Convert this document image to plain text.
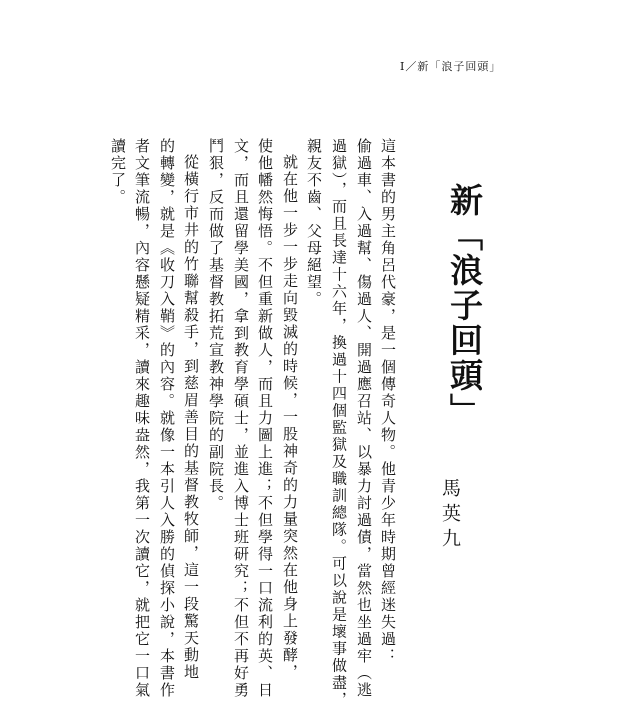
I／新「浪子回頭」
新「浪子回頭」
馬英九
這本書的男主角呂代豪，是一個傳奇人物。他青少年時期曾經迷失過：
偷過車、入過幫、傷過人、開過應召站、以暴力討過債，當然也坐過牢（逃
過獄），而且長達十六年，換過十四個監獄及職訓總隊。可以說是壞事做盡，
親友不齒、父母絕望。
就在他一步一步走向毀滅的時候，一股神奇的力量突然在他身上發酵，
使他幡然悔悟。不但重新做人，而且力圖上進；不但學得一口流利的英、日
文，而且還留學美國，拿到教育學碩士，並進入博士班研究；不但不再好勇
鬥狠，反而做了基督教拓荒宣教神學院的副院長。
從橫行市井的竹聯幫殺手，到慈眉善目的基督教牧師，這一段驚天動地
的轉變，就是《收刀入鞘》的內容。就像一本引人入勝的偵探小說，本書作
者文筆流暢，內容懸疑精采，讀來趣味盎然，我第一次讀它，就把它一口氣
讀完了。
